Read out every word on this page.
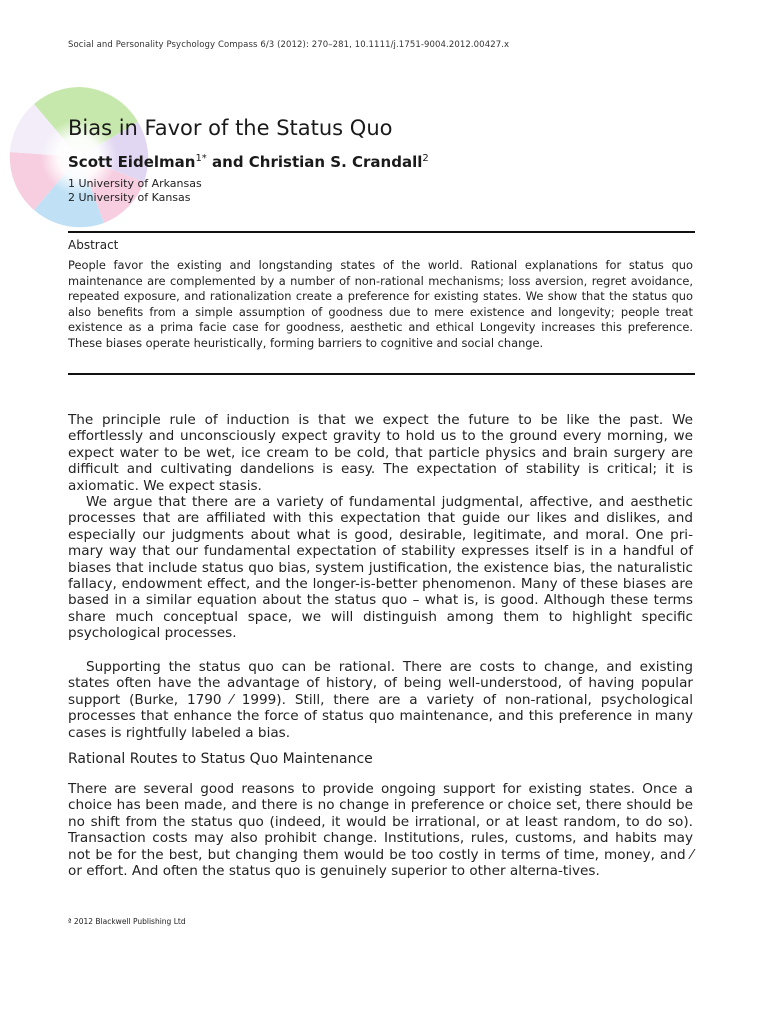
Social and Personality Psychology Compass 6/3 (2012): 270–281, 10.1111/j.1751-9004.2012.00427.x
Bias in Favor of the Status Quo
Scott Eidelman$^{1*}$ and Christian S. Crandall$^2$
1 University of Arkansas
2 University of Kansas
Abstract
People favor the existing and longstanding states of the world. Rational explanations for status quo maintenance are complemented by a number of non-rational mechanisms; loss aversion, regret avoidance, repeated exposure, and rationalization create a preference for existing states. We show that the status quo also benefits from a simple assumption of goodness due to mere existence and longevity; people treat existence as a prima facie case for goodness, aesthetic and ethical Longevity increases this preference. These biases operate heuristically, forming barriers to cognitive and social change.

The principle rule of induction is that we expect the future to be like the past. We effortlessly and unconsciously expect gravity to hold us to the ground every morning, we expect water to be wet, ice cream to be cold, that particle physics and brain surgery are difficult and cultivating dandelions is easy. The expectation of stability is critical; it is axiomatic. We expect stasis.

We argue that there are a variety of fundamental judgmental, affective, and aesthetic processes that are affiliated with this expectation that guide our likes and dislikes, and especially our judgments about what is good, desirable, legitimate, and moral. One pri-mary way that our fundamental expectation of stability expresses itself is in a handful of biases that include status quo bias, system justification, the existence bias, the naturalistic fallacy, endowment effect, and the longer-is-better phenomenon. Many of these biases are based in a similar equation about the status quo – what is, is good. Although these terms share much conceptual space, we will distinguish among them to highlight specific psychological processes.

Supporting the status quo can be rational. There are costs to change, and existing states often have the advantage of history, of being well-understood, of having popular support (Burke, 1790 ⁄ 1999). Still, there are a variety of non-rational, psychological processes that enhance the force of status quo maintenance, and this preference in many cases is rightfully labeled a bias.

Rational Routes to Status Quo Maintenance

There are several good reasons to provide ongoing support for existing states. Once a choice has been made, and there is no change in preference or choice set, there should be no shift from the status quo (indeed, it would be irrational, or at least random, to do so). Transaction costs may also prohibit change. Institutions, rules, customs, and habits may not be for the best, but changing them would be too costly in terms of time, money, and ⁄ or effort. And often the status quo is genuinely superior to other alterna-tives.

ª 2012 Blackwell Publishing Ltd
